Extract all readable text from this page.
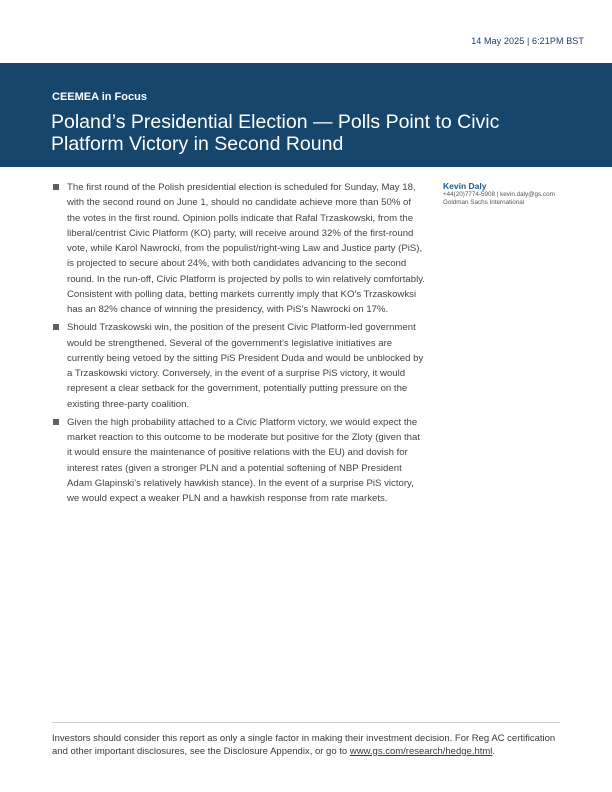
14 May 2025 | 6:21PM BST
CEEMEA in Focus
Poland’s Presidential Election — Polls Point to Civic Platform Victory in Second Round
The first round of the Polish presidential election is scheduled for Sunday, May 18, with the second round on June 1, should no candidate achieve more than 50% of the votes in the first round. Opinion polls indicate that Rafal Trzaskowski, from the liberal/centrist Civic Platform (KO) party, will receive around 32% of the first-round vote, while Karol Nawrocki, from the populist/right-wing Law and Justice party (PiS), is projected to secure about 24%, with both candidates advancing to the second round. In the run-off, Civic Platform is projected by polls to win relatively comfortably. Consistent with polling data, betting markets currently imply that KO’s Trzaskowksi has an 82% chance of winning the presidency, with PiS’s Nawrocki on 17%.
Should Trzaskowski win, the position of the present Civic Platform-led government would be strengthened. Several of the government’s legislative initiatives are currently being vetoed by the sitting PiS President Duda and would be unblocked by a Trzaskowski victory. Conversely, in the event of a surprise PiS victory, it would represent a clear setback for the government, potentially putting pressure on the existing three-party coalition.
Given the high probability attached to a Civic Platform victory, we would expect the market reaction to this outcome to be moderate but positive for the Zloty (given that it would ensure the maintenance of positive relations with the EU) and dovish for interest rates (given a stronger PLN and a potential softening of NBP President Adam Glapinski’s relatively hawkish stance). In the event of a surprise PiS victory, we would expect a weaker PLN and a hawkish response from rate markets.
Kevin Daly
+44(20)7774-5908 | kevin.daly@gs.com
Goldman Sachs International

Investors should consider this report as only a single factor in making their investment decision. For Reg AC certification and other important disclosures, see the Disclosure Appendix, or go to www.gs.com/research/hedge.html.
